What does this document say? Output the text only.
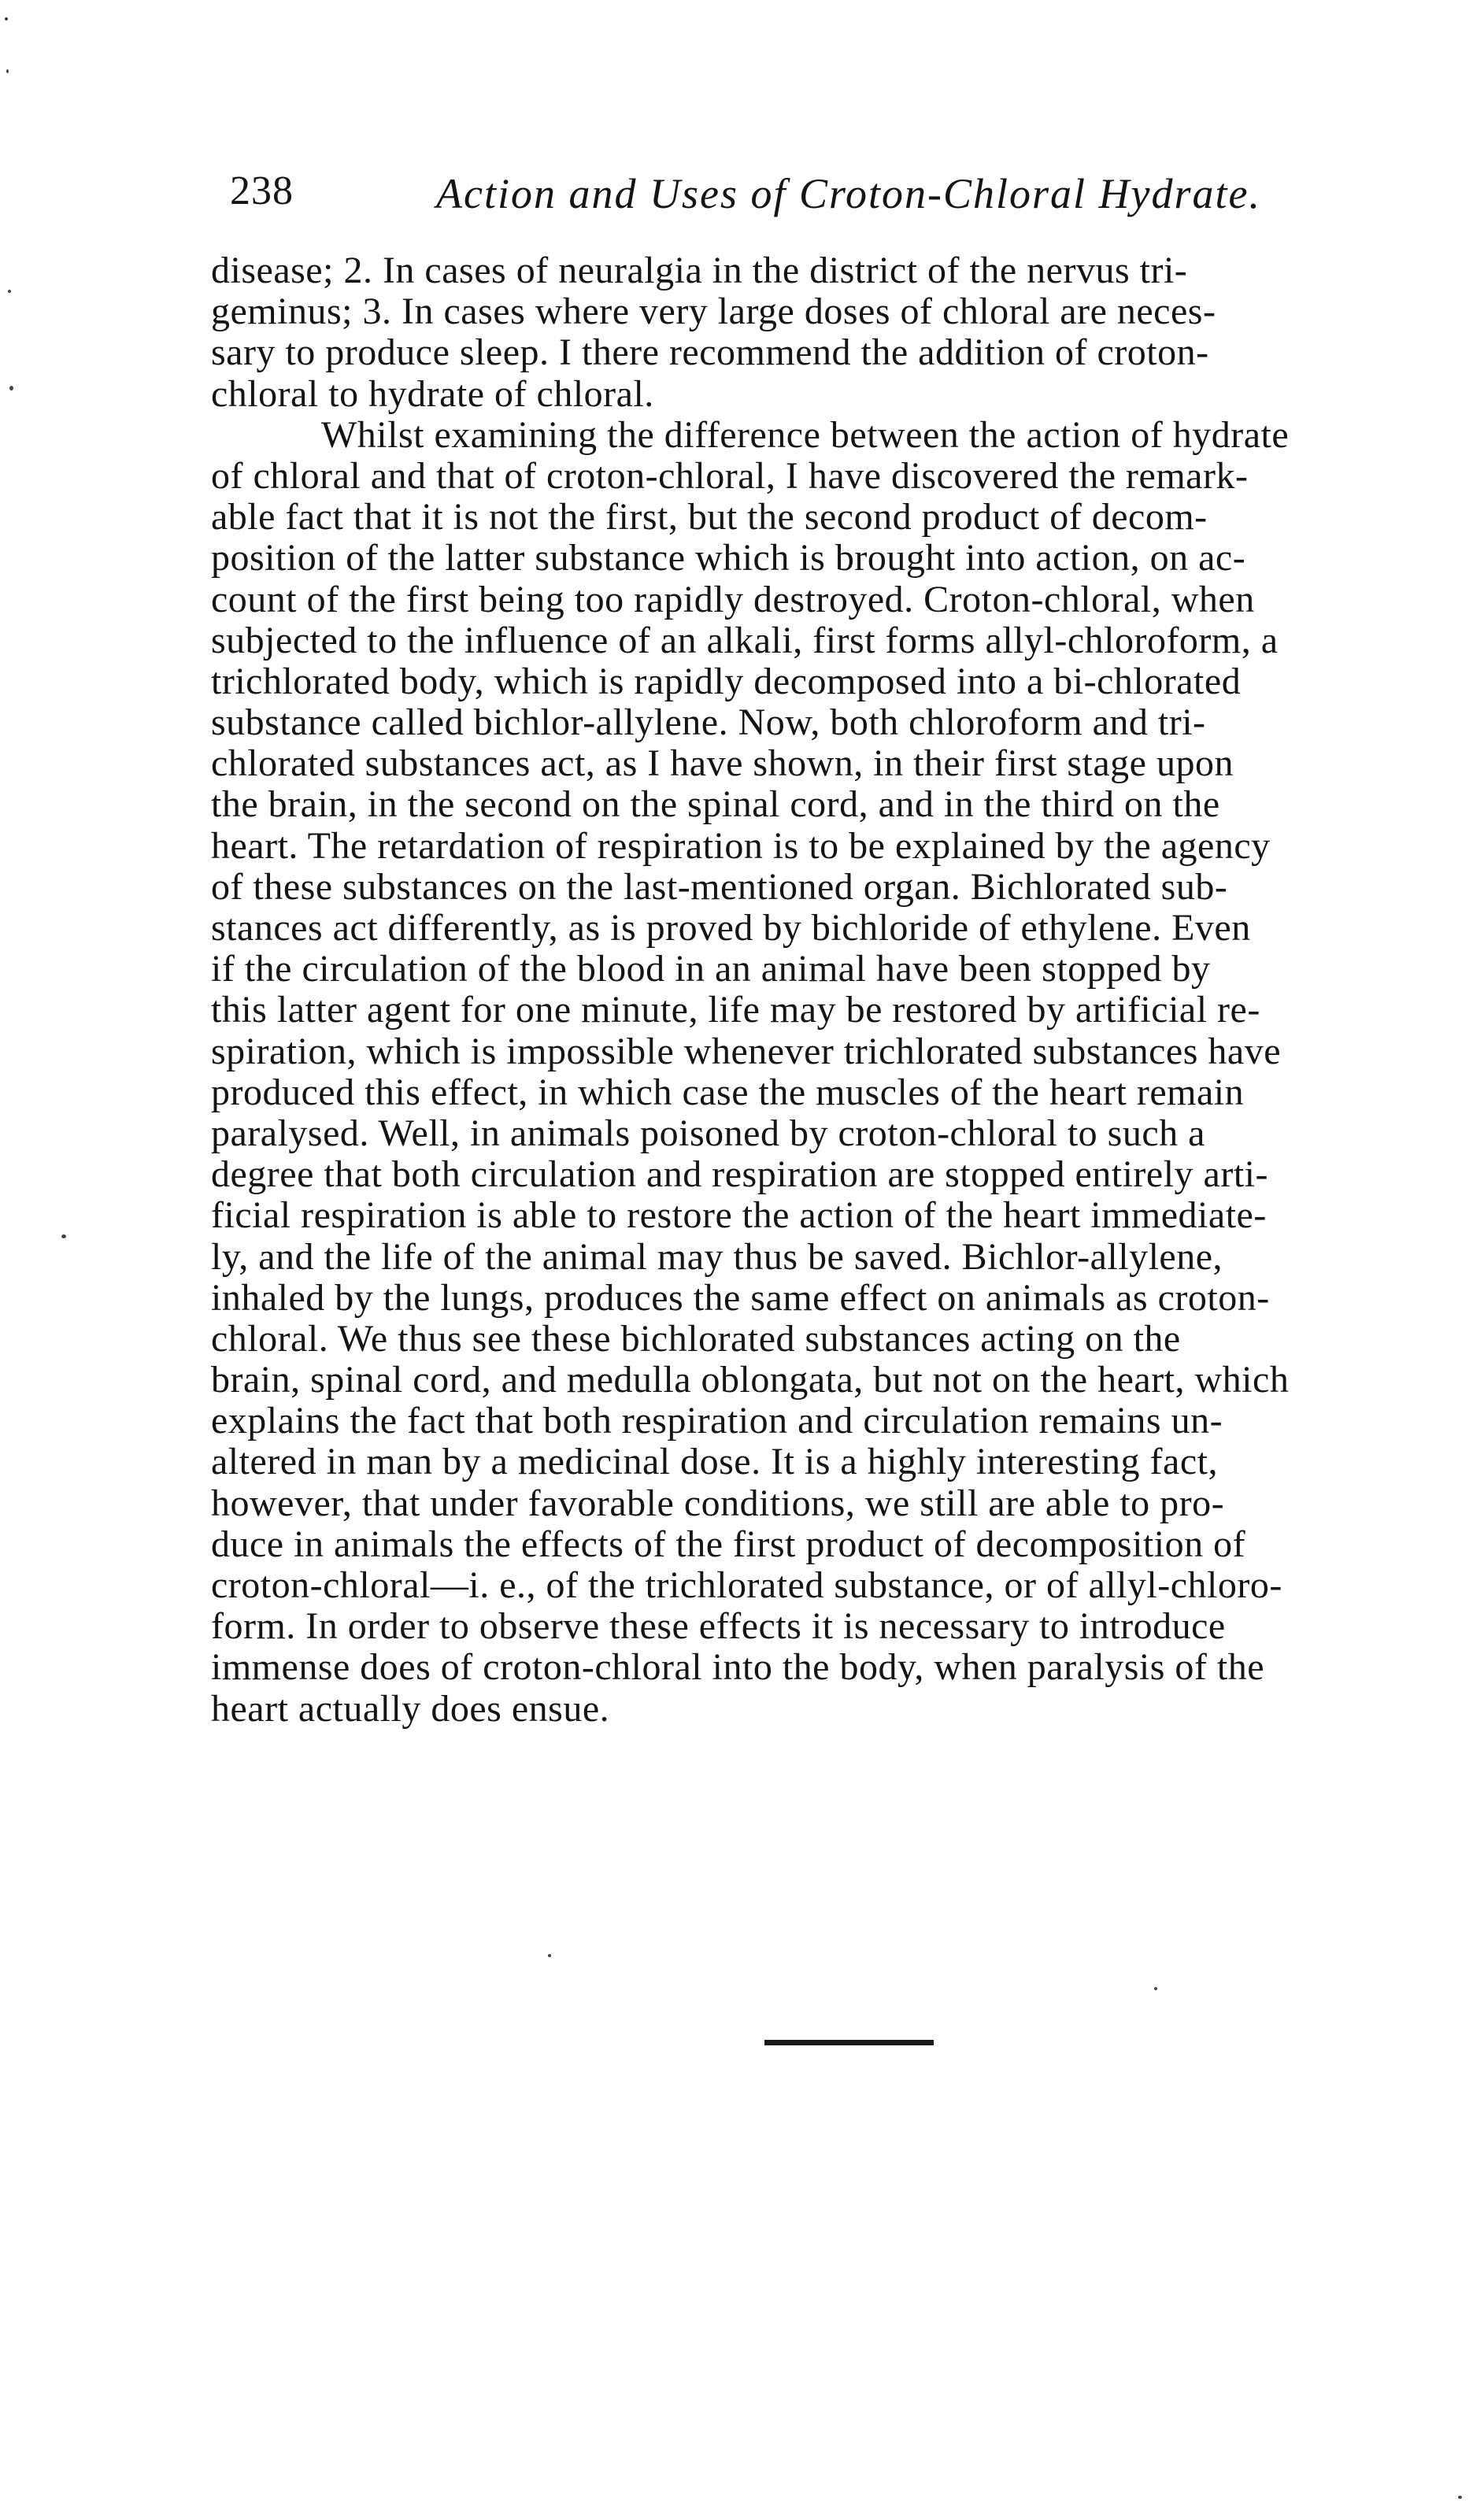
238	Action and Uses of Croton-Chloral Hydrate.
disease; 2. In cases of neuralgia in the district of the nervus tri-
geminus; 3. In cases where very large doses of chloral are neces-
sary to produce sleep. I there recommend the addition of croton-
chloral to hydrate of chloral.
Whilst examining the difference between the action of hydrate
of chloral and that of croton-chloral, I have discovered the remark-
able fact that it is not the first, but the second product of decom-
position of the latter substance which is brought into action, on ac-
count of the first being too rapidly destroyed. Croton-chloral, when
subjected to the influence of an alkali, first forms allyl-chloroform, a
trichlorated body, which is rapidly decomposed into a bi-chlorated
substance called bichlor-allylene. Now, both chloroform and tri-
chlorated substances act, as I have shown, in their first stage upon
the brain, in the second on the spinal cord, and in the third on the
heart. The retardation of respiration is to be explained by the agency
of these substances on the last-mentioned organ. Bichlorated sub-
stances act differently, as is proved by bichloride of ethylene. Even
if the circulation of the blood in an animal have been stopped by
this latter agent for one minute, life may be restored by artificial re-
spiration, which is impossible whenever trichlorated substances have
produced this effect, in which case the muscles of the heart remain
paralysed. Well, in animals poisoned by croton-chloral to such a
degree that both circulation and respiration are stopped entirely arti-
ficial respiration is able to restore the action of the heart immediate-
ly, and the life of the animal may thus be saved. Bichlor-allylene,
inhaled by the lungs, produces the same effect on animals as croton-
chloral. We thus see these bichlorated substances acting on the
brain, spinal cord, and medulla oblongata, but not on the heart, which
explains the fact that both respiration and circulation remains un-
altered in man by a medicinal dose. It is a highly interesting fact,
however, that under favorable conditions, we still are able to pro-
duce in animals the effects of the first product of decomposition of
croton-chloral—i. e., of the trichlorated substance, or of allyl-chloro-
form. In order to observe these effects it is necessary to introduce
immense does of croton-chloral into the body, when paralysis of the
heart actually does ensue.
